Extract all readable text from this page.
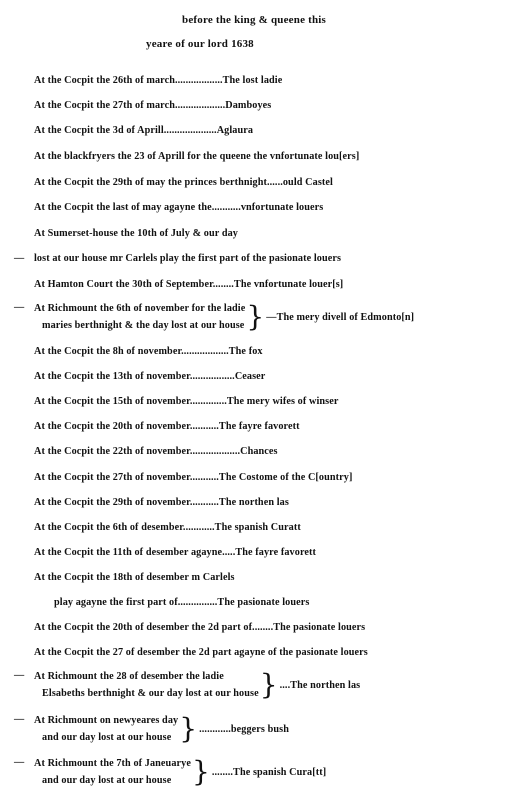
before the king & queene this
yeare of our lord 1638
At the Cocpit the 26th of march..................The lost ladie
At the Cocpit the 27th of march...................Damboyes
At the Cocpit the 3d of Aprill....................Aglaura
At the blackfryers the 23 of Aprill for the queene the vnfortunate lou[ers]
At the Cocpit the 29th of may the princes berthnight......ould Castel
At the Cocpit the last of may agayne the...........vnfortunate louers
At Sumerset-house the 10th of July & our day
—lost at our house mr Carlels play the first part of the pasionate louers
At Hamton Court the 30th of September........The vnfortunate louer[s]
—
At Richmount the 6th of november for the ladie
maries berthnight & the day lost at our house } —The mery divell of Edmonto[n]
At the Cocpit the 8h of november..................The fox
At the Cocpit the 13th of november.................Ceaser
At the Cocpit the 15th of november..............The mery wifes of winser
At the Cocpit the 20th of november...........The fayre favorett
At the Cocpit the 22th of november...................Chances
At the Cocpit the 27th of november...........The Costome of the C[ountry]
At the Cocpit the 29th of november...........The northen las
At the Cocpit the 6th of desember............The spanish Curatt
At the Cocpit the 11th of desember agayne.....The fayre favorett
At the Cocpit the 18th of desember m Carlels
play agayne the first part of...............The pasionate louers
At the Cocpit the 20th of desember the 2d part of........The pasionate louers
At the Cocpit the 27 of desember the 2d part agayne of the pasionate louers
—
At Richmount the 28 of desember the ladie
Elsabeths berthnight & our day lost at our house } ....The northen las
—
At Richmount on newyeares day
and our day lost at our house } ............beggers bush
—
At Richmount the 7th of Janeuarye
and our day lost at our house } ........The spanish Cura[tt]
